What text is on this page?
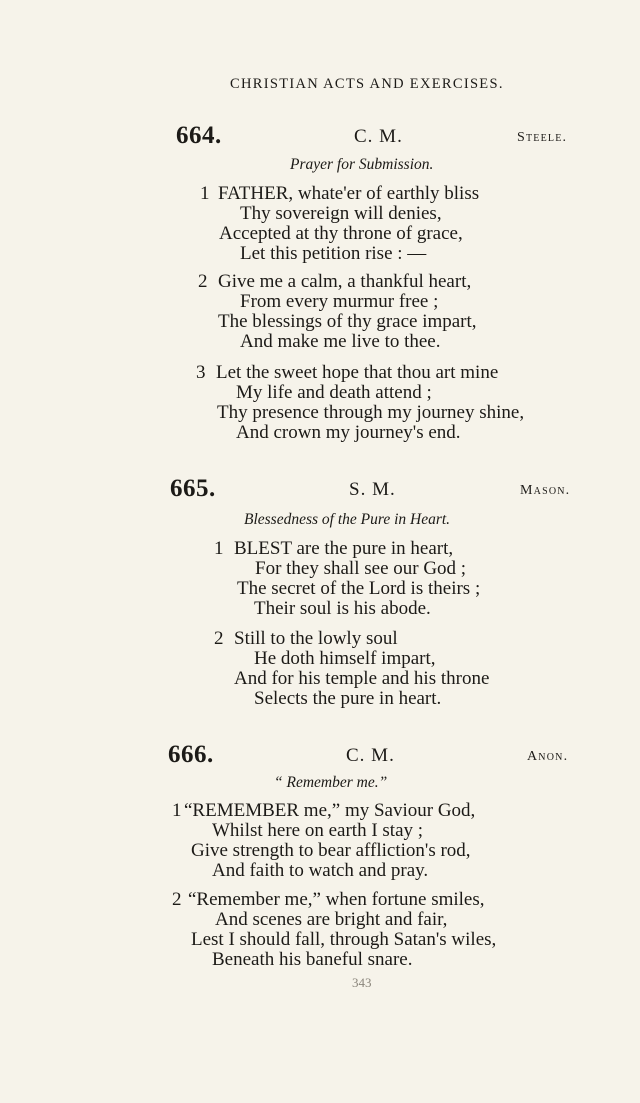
CHRISTIAN ACTS AND EXERCISES.
664.	C. M.	Steele.
Prayer for Submission.
1 FATHER, whate'er of earthly bliss
Thy sovereign will denies,
Accepted at thy throne of grace,
Let this petition rise : —
2 Give me a calm, a thankful heart,
From every murmur free ;
The blessings of thy grace impart,
And make me live to thee.
3 Let the sweet hope that thou art mine
My life and death attend ;
Thy presence through my journey shine,
And crown my journey's end.
665.	S. M.	Mason.
Blessedness of the Pure in Heart.
1 BLEST are the pure in heart,
For they shall see our God ;
The secret of the Lord is theirs ;
Their soul is his abode.
2 Still to the lowly soul
He doth himself impart,
And for his temple and his throne
Selects the pure in heart.
666.	C. M.	Anon.
“ Remember me.”
1 “REMEMBER me,” my Saviour God,
Whilst here on earth I stay ;
Give strength to bear affliction's rod,
And faith to watch and pray.
2 “Remember me,” when fortune smiles,
And scenes are bright and fair,
Lest I should fall, through Satan's wiles,
Beneath his baneful snare.
343
